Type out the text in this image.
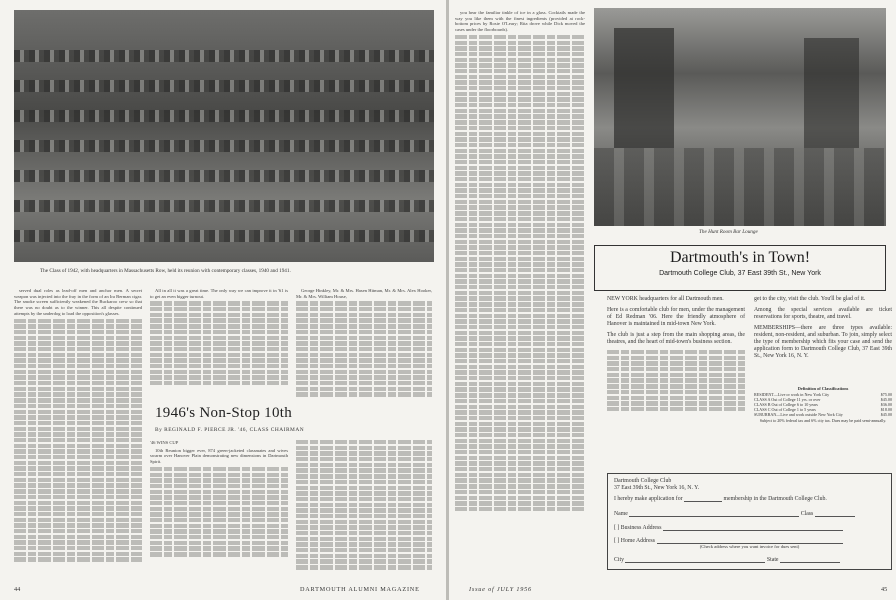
The Class of 1942, with headquarters in Massachusetts Row, held its reunion with contemporary classes, 1940 and 1941.

served dual roles as lead-off men and anchor men. A secret weapon was injected into the fray in the form of an Ira Berman cigar. The smoke screen sufficiently weakened the Buckaroo crew so that there was no doubt as to the winner. This all despite continued attempts by the underdog to load the opposition's glasses.

All in all it was a great time. The only way we can improve it in '61 is to get an even bigger turnout.

George Hinkley, Mr. & Mrs. Hasen Hitman, Mr. & Mrs. Alex Hooker, Mr. & Mrs. William House,

1946's Non-Stop 10th
By REGINALD F. PIERCE JR. '46, CLASS CHAIRMAN
'46 WINS CUP

10th Reunion bigger ever, 874 green-jacketed classmates and wives swarm over Hanover Plain demonstrating new dimensions in Dartmouth Spirit.

44	DARTMOUTH ALUMNI MAGAZINE

you hear the familiar tinkle of ice in a glass. Cocktails made the way you like them with the finest ingredients (provided at rock-bottom prices by Rosie O'Leary; Rita drove while Dick moved the cases under the floorboards).

The Hunt Room Bar Lounge
Dartmouth's in Town!
Dartmouth College Club, 37 East 39th St., New York

NEW YORK headquarters for all Dartmouth men.

Here is a comfortable club for men, under the management of Ed Redman '06. Here the friendly atmosphere of Hanover is maintained in mid-town New York.

The club is just a step from the main shopping areas, the theatres, and the heart of mid-town's business section.

get to the city, visit the club. You'll be glad of it.

Among the special services available are ticket reservations for sports, theatre, and travel.

MEMBERSHIPS—there are three types available: resident, non-resident, and suburban. To join, simply select the type of membership which fits your case and send the application form to Dartmouth College Club, 37 East 39th St., New York 16, N. Y.

Definition of Classifications
RESIDENT—Live or work in New York City	$75.00
CLASS A Out of College 11 yrs. or over	$45.00
CLASS B Out of College 6 to 10 years	$36.00
CLASS C Out of College 1 to 5 years	$18.00
SUBURBAN—Live and work outside New York City	$45.00
Subject to 20% federal tax and 6% city tax. Dues may be paid semi-annually.
Dartmouth College Club
37 East 39th St., New York 16, N. Y.
I hereby make application for	membership in the Dartmouth College Club.
Name	Class
[ ] Business Address
[ ] Home Address
(Check address where you want invoice for dues sent)
City	State
45
Issue of JULY 1956
